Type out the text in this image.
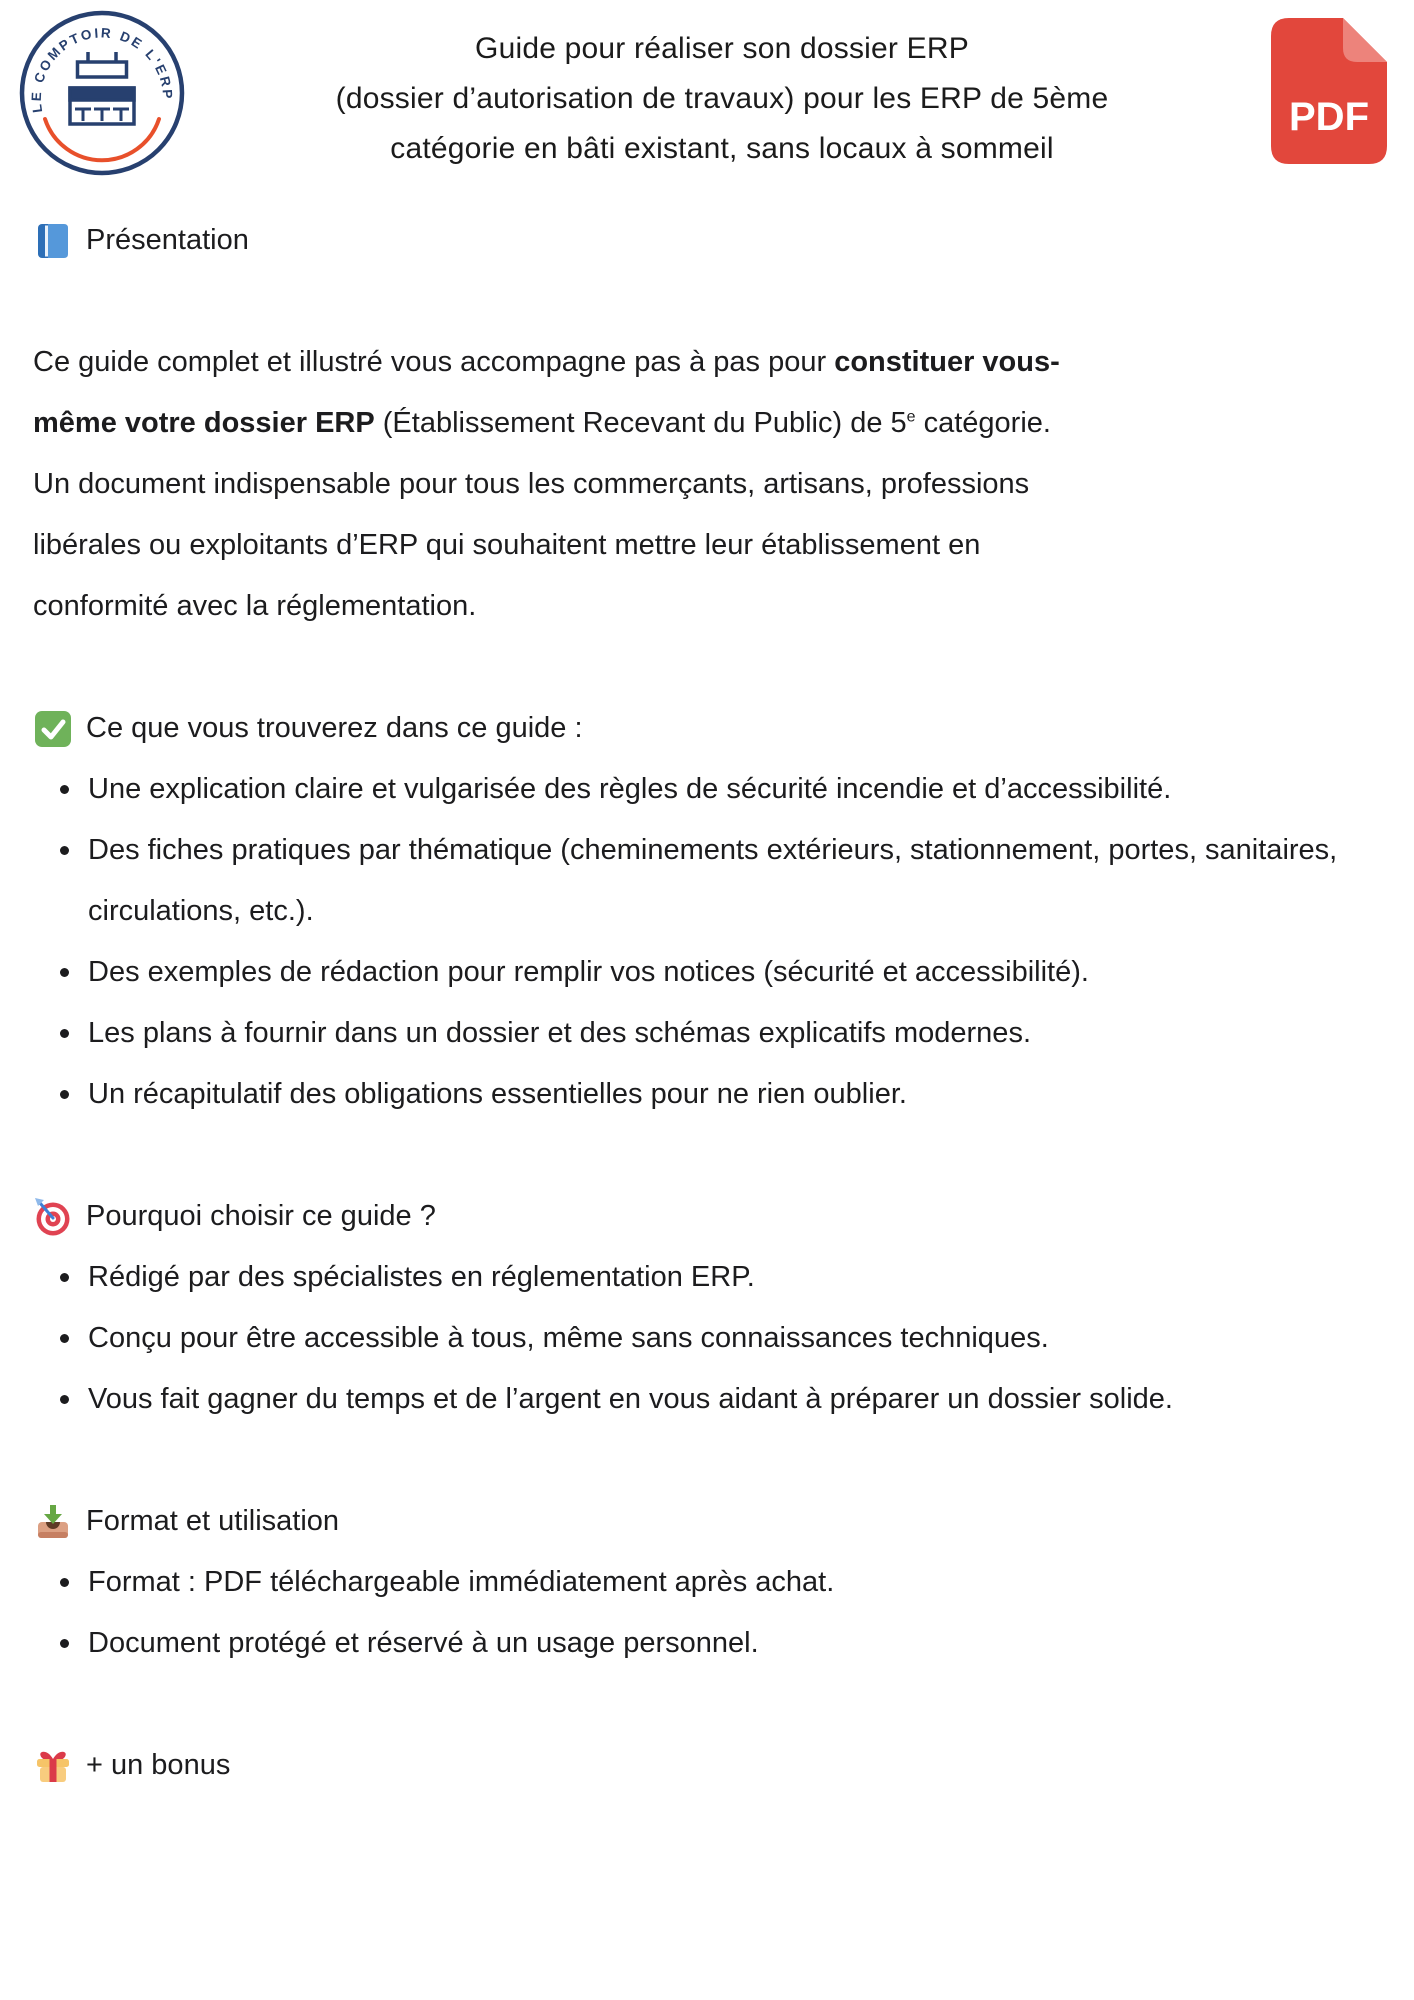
LE COMPTOIR DE L'ERP
Guide pour réaliser son dossier ERP
(dossier d’autorisation de travaux) pour les ERP de 5ème
catégorie en bâti existant, sans locaux à sommeil
PDF
Présentation

Ce guide complet et illustré vous accompagne pas à pas pour constituer vous-
même votre dossier ERP (Établissement Recevant du Public) de 5e catégorie.
Un document indispensable pour tous les commerçants, artisans, professions
libérales ou exploitants d’ERP qui souhaitent mettre leur établissement en
conformité avec la réglementation.

Ce que vous trouverez dans ce guide :
Une explication claire et vulgarisée des règles de sécurité incendie et d’accessibilité.
Des fiches pratiques par thématique (cheminements extérieurs, stationnement, portes, sanitaires, circulations, etc.).
Des exemples de rédaction pour remplir vos notices (sécurité et accessibilité).
Les plans à fournir dans un dossier et des schémas explicatifs modernes.
Un récapitulatif des obligations essentielles pour ne rien oublier.
Pourquoi choisir ce guide ?
Rédigé par des spécialistes en réglementation ERP.
Conçu pour être accessible à tous, même sans connaissances techniques.
Vous fait gagner du temps et de l’argent en vous aidant à préparer un dossier solide.
Format et utilisation
Format : PDF téléchargeable immédiatement après achat.
Document protégé et réservé à un usage personnel.
+ un bonus
